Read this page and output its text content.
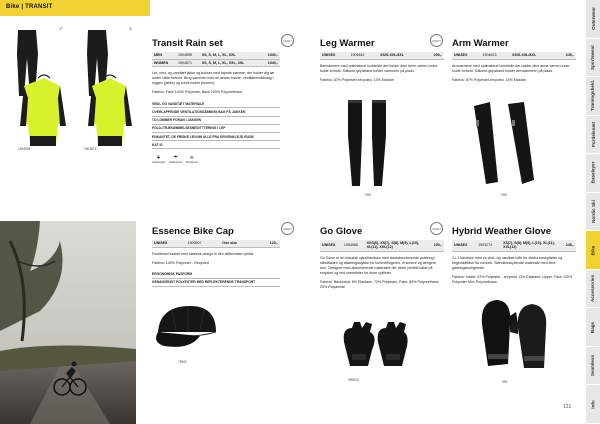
Bike | TRANSIT
Outerwear
Sportswear
Træningsbekl.
Fordelesæt
Baselayer
Nordic Ski
Bike
Accessories
Bags
Seamless
Info
♂	♀
1904595	1904871
Transit Rain set
MEN	1904595	XS, S, M, L, XL, XXL	1040,-
WOMEN	1904871	XS, S, M, L, XL, XXL, 3XL	1040,-
Let, vind- og vandtæt jakke og bukser med tapede sømme, der holder dig tør under våde forhold. Brug sammen med en anden bukse, ventilationsåbning i ryggen (jakke) og vores lukker (bukser).
Fabrics: Face 100% Polyester, Back 100% Polyurethane
VIND- OG VANDTÆT MATERIALE
OVERLAPPENDE VENTILATIONSÅBNING BAG PÅ JAKKEN
TO LOMMER FORAN I JAKKEN
FOLD-/TRÆKØMMELSESNED/TTTERING I LEP
ENKANTET, DE FRISKE LEVNIN ULLE FRA DRIVSNKLEJD RUGE
KAT IS
❦
Lightweight
☂
Waterproof
≋
Windproof
CRAFT	Leg Warmer
UNISEX	1904642	XS/S-XXL/4XL	290,-
Benvarmere med optimaleret lockstolle der holder dine benn varme under kolde forhold. Silikone-gripsband holder varmeren på plads.
Fabrics: 87% Polyester-recycled, 13% Elastan
CRAFT
7390
Arm Warmer
UNISEX	1904613	XS/S-XXL/4XL	245,-
Armvarmere med optimaleret lockstolle der holder dine arme varme under kolde forhold. Silikone-gripsband holder armvarmeren på plads.
Fabrics: 87% Polyester-recycled, 13% Elastan
7390
Essence Bike Cap
UNISEX	1909507	One size	120,-
Funktionel kasket med klassisk design til den stilbevidste cyklist.
Fabrics: 100% Polyester - Recycled
ERGONOMISK PASFORM
GENANVENDT POLYESTER MED REFLEKTERENDE TRANSPORT
CRAFT
79900
Go Glove
UNISEX	1904986	XXS(6), XS(7), S(8), M(9), L(10), XL(11), XXL(12)	150,-
Go Glove er en klassisk cykelhandske med stødabsorberende polstring i håndfladen og aftørringsstykke for tommelfingeren, til kortere og længere ture. Designet med absorberende materialer der virker perfekt både på smykket og ved varmetider for store cyklister.
Fabrics: Backhand: 8% Elastane, 72% Polyester; Palm: 80% Polyurethane, 20% Polyamide
CRAFT
999000
Hybrid Weather Glove
UNISEX	1903274	XS(7), S(8), M(9), L(10), XL(11), XXL(12)	245,-
2-i-1 handske med en vind- og vandtæt luffe for ekstra beskyttelse og fingerskiftlåse fra rombrik. Stænkbeskyttende materiale med flere glatningsmuligheder.
Fabrics: Inside: 87% Polyester - recycled 13% Elastane; Upper: Face 100% Polyester Mid: Polyurethane
999
121
